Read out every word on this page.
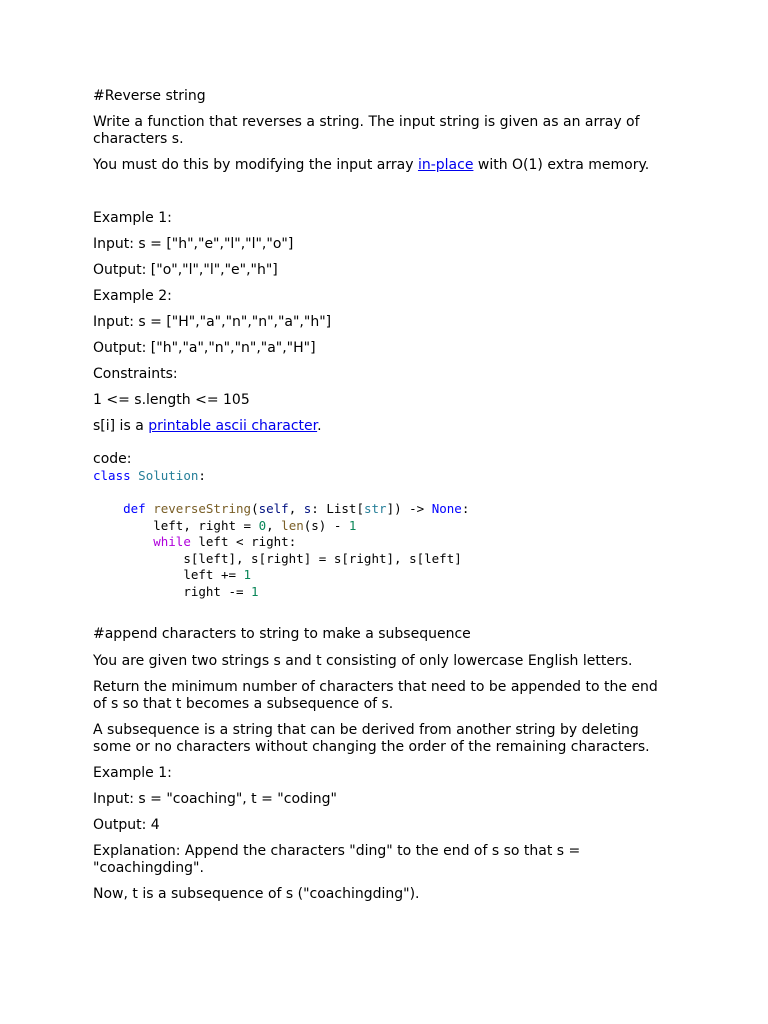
#Reverse string

Write a function that reverses a string. The input string is given as an array of characters s.

You must do this by modifying the input array in-place with O(1) extra memory.

Example 1:

Input: s = ["h","e","l","l","o"]

Output: ["o","l","l","e","h"]

Example 2:

Input: s = ["H","a","n","n","a","h"]

Output: ["h","a","n","n","a","H"]

Constraints:

1 <= s.length <= 105

s[i] is a printable ascii character.

code:

class Solution:

def reverseString(self, s: List[str]) -> None:
left, right = 0, len(s) - 1
while left < right:
s[left], s[right] = s[right], s[left]
left += 1
right -= 1

#append characters to string to make a subsequence

You are given two strings s and t consisting of only lowercase English letters.

Return the minimum number of characters that need to be appended to the end of s so that t becomes a subsequence of s.

A subsequence is a string that can be derived from another string by deleting some or no characters without changing the order of the remaining characters.

Example 1:

Input: s = "coaching", t = "coding"

Output: 4

Explanation: Append the characters "ding" to the end of s so that s = "coachingding".

Now, t is a subsequence of s ("coachingding").
